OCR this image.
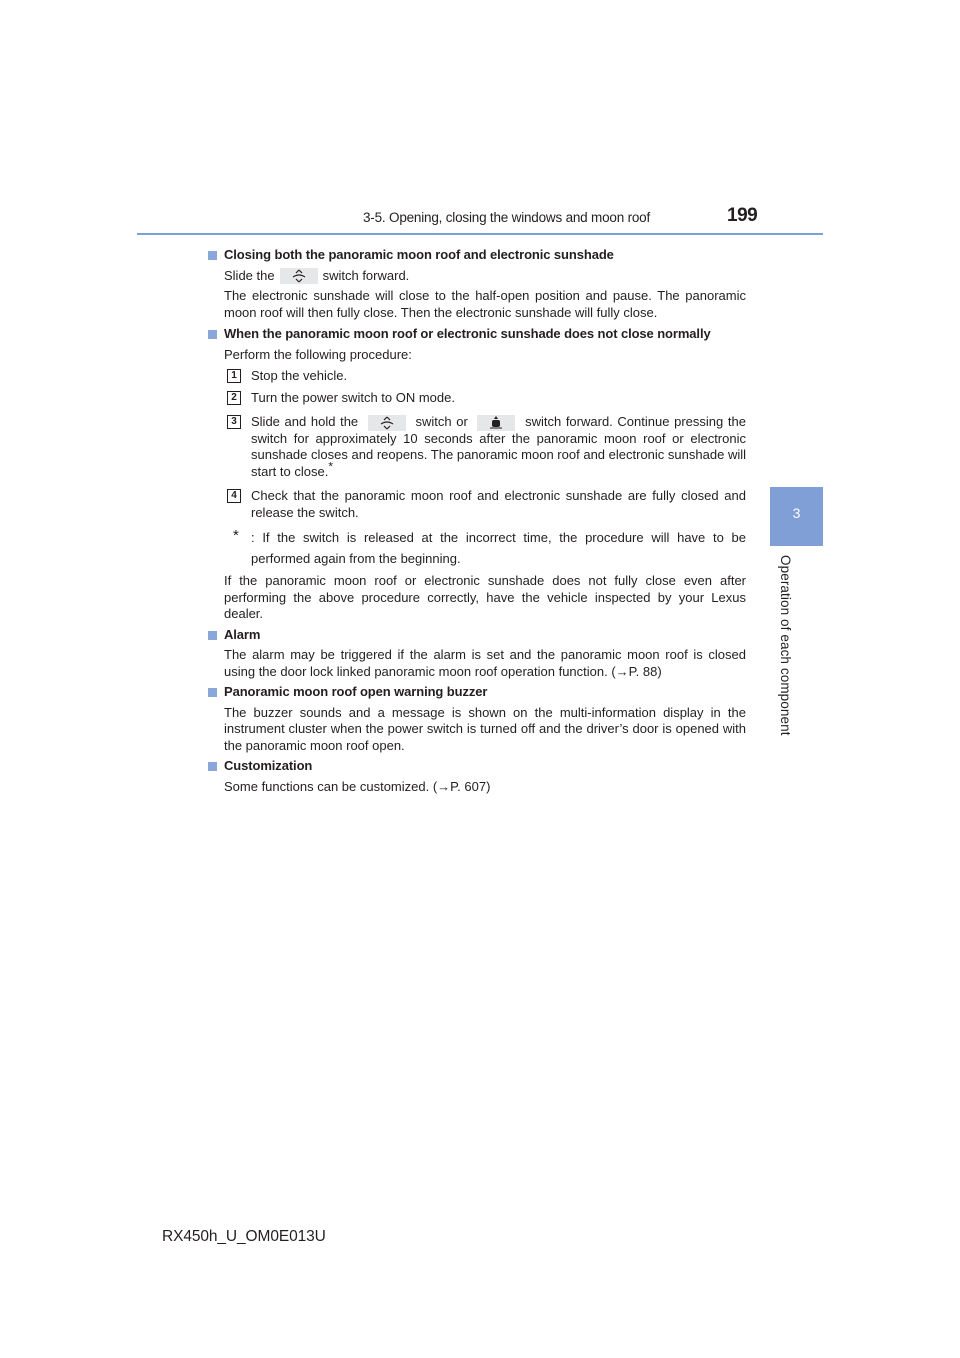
3-5. Opening, closing the windows and moon roof	199
3
Operation of each component
Closing both the panoramic moon roof and electronic sunshade
Slide the	switch forward.
The electronic sunshade will close to the half-open position and pause. The panoramic moon roof will then fully close. Then the electronic sunshade will fully close.
When the panoramic moon roof or electronic sunshade does not close normally
Perform the following procedure:
1	Stop the vehicle.
2	Turn the power switch to ON mode.
3	Slide and hold the	switch or	switch forward. Continue pressing the switch for approximately 10 seconds after the panoramic moon roof or electronic sunshade closes and reopens. The panoramic moon roof and electronic sunshade will start to close.*
4	Check that the panoramic moon roof and electronic sunshade are fully closed and release the switch.
* : If the switch is released at the incorrect time, the procedure will have to be performed again from the beginning.
If the panoramic moon roof or electronic sunshade does not fully close even after performing the above procedure correctly, have the vehicle inspected by your Lexus dealer.
Alarm
The alarm may be triggered if the alarm is set and the panoramic moon roof is closed using the door lock linked panoramic moon roof operation function. (→P. 88)
Panoramic moon roof open warning buzzer
The buzzer sounds and a message is shown on the multi-information display in the instrument cluster when the power switch is turned off and the driver’s door is opened with the panoramic moon roof open.
Customization
Some functions can be customized. (→P. 607)
RX450h_U_OM0E013U
